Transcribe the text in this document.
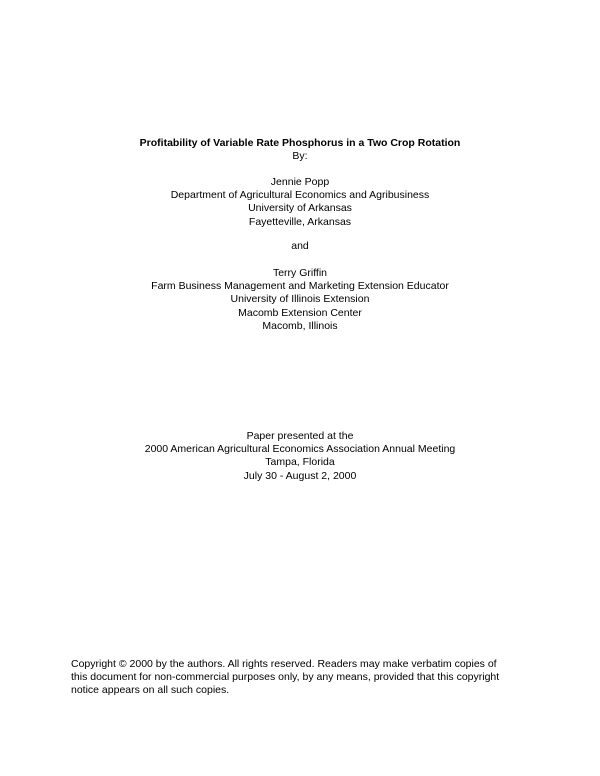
Profitability of Variable Rate Phosphorus in a Two Crop Rotation
By:
Jennie Popp
Department of Agricultural Economics and Agribusiness
University of Arkansas
Fayetteville, Arkansas
and
Terry Griffin
Farm Business Management and Marketing Extension Educator
University of Illinois Extension
Macomb Extension Center
Macomb, Illinois
Paper presented at the
2000 American Agricultural Economics Association Annual Meeting
Tampa, Florida
July 30 - August 2, 2000
Copyright © 2000 by the authors. All rights reserved. Readers may make verbatim copies of
this document for non-commercial purposes only, by any means, provided that this copyright
notice appears on all such copies.
